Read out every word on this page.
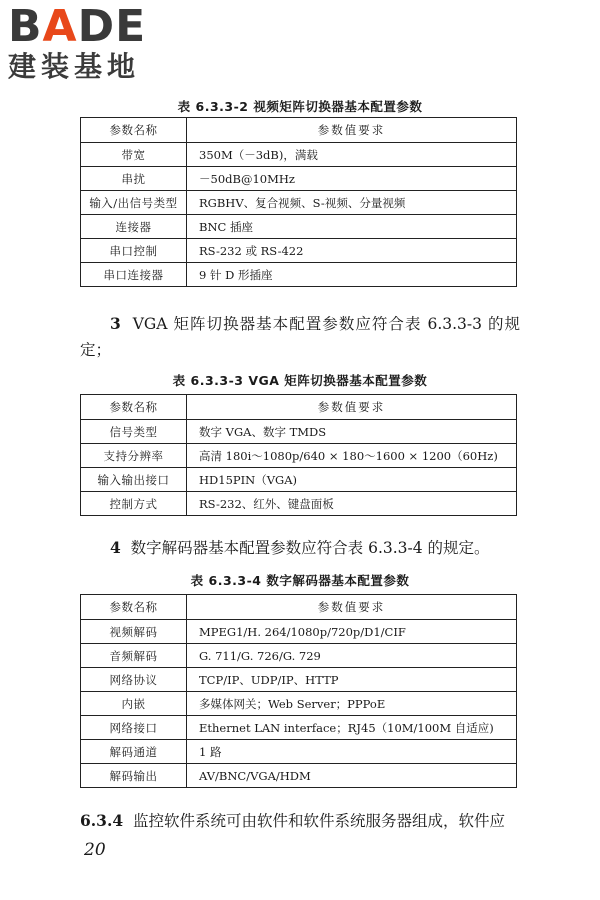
BADE
建装基地
表 6.3.3-2 视频矩阵切换器基本配置参数
参数名称	参数值要求
带宽	350M（－3dB)，满载
串扰	－50dB@10MHz
输入/出信号类型	RGBHV、复合视频、S-视频、分量视频
连接器	BNC 插座
串口控制	RS-232 或 RS-422
串口连接器	9 针 D 形插座
3 VGA 矩阵切换器基本配置参数应符合表 6.3.3-3 的规定；
表 6.3.3-3 VGA 矩阵切换器基本配置参数
参数名称	参数值要求
信号类型	数字 VGA、数字 TMDS
支持分辨率	高清 180i～1080p/640 × 180～1600 × 1200（60Hz)
输入输出接口	HD15PIN（VGA)
控制方式	RS-232、红外、键盘面板
4 数字解码器基本配置参数应符合表 6.3.3-4 的规定。
表 6.3.3-4 数字解码器基本配置参数
参数名称	参数值要求
视频解码	MPEG1/H. 264/1080p/720p/D1/CIF
音频解码	G. 711/G. 726/G. 729
网络协议	TCP/IP、UDP/IP、HTTP
内嵌	多媒体网关；Web Server；PPPoE
网络接口	Ethernet LAN interface；RJ45（10M/100M 自适应)
解码通道	1 路
解码输出	AV/BNC/VGA/HDM
6.3.4 监控软件系统可由软件和软件系统服务器组成，软件应
20
